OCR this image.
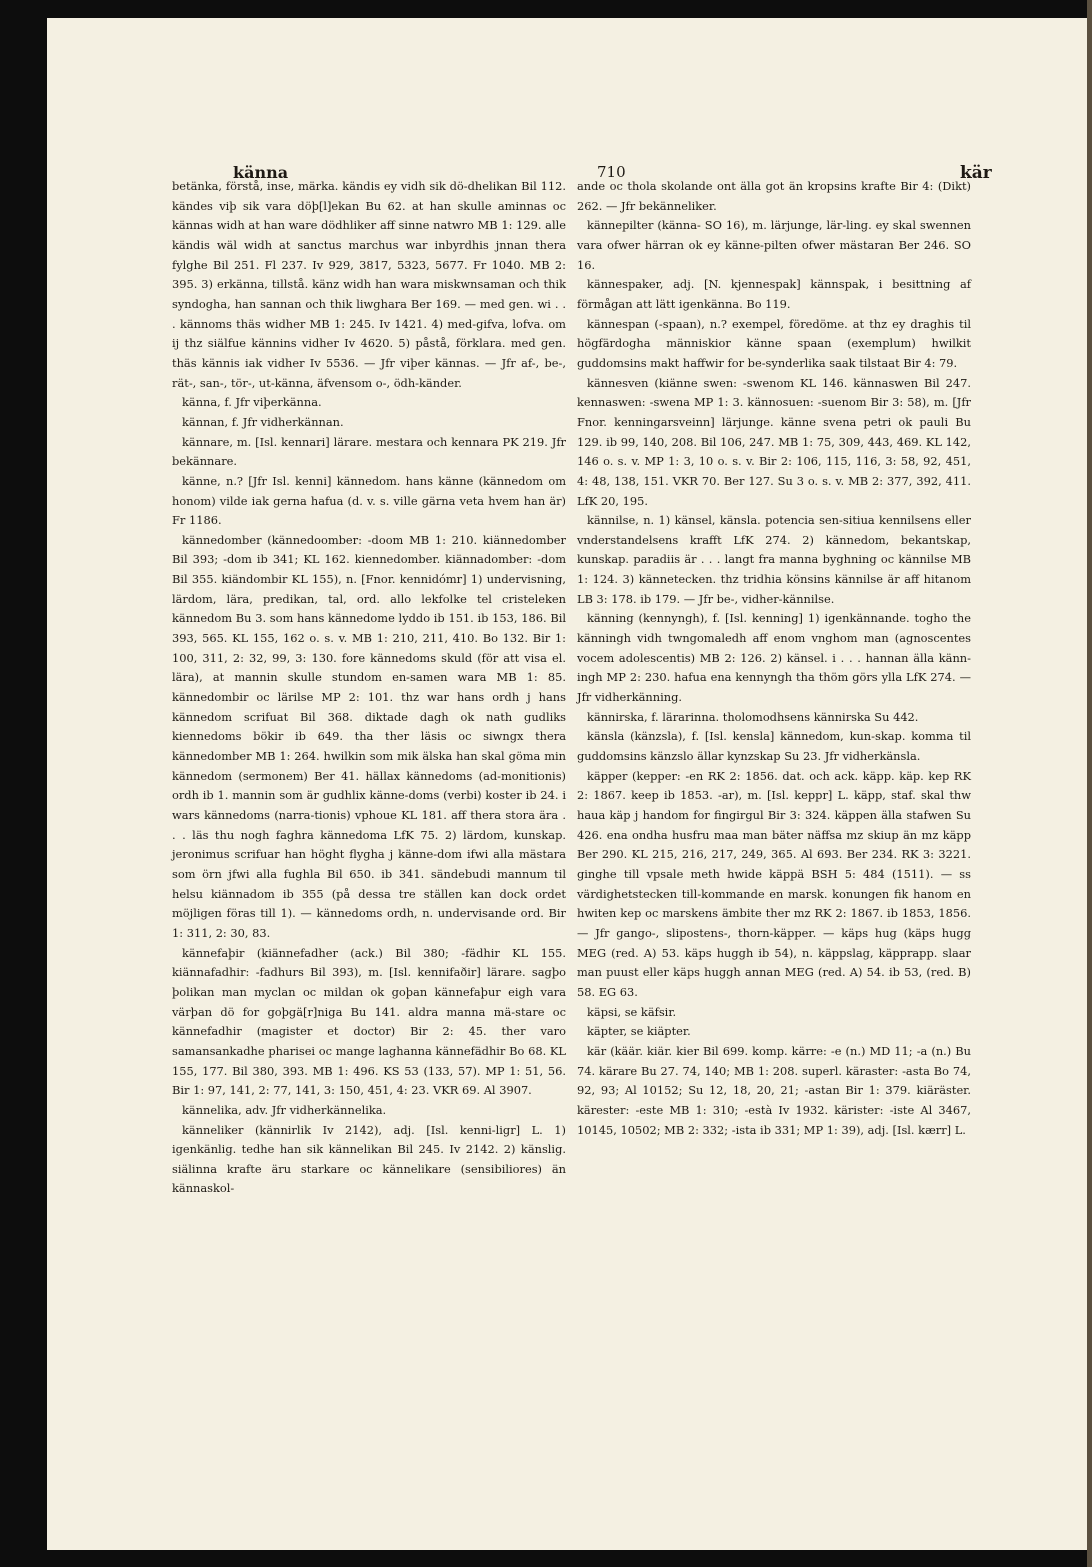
känna	710	kär

betänka, förstå, inse, märka. kändis ey vidh sik dö-dhelikan Bil 112. kändes viþ sik vara döþ[l]ekan Bu 62. at han skulle aminnas oc kännas widh at han ware dödhliker aff sinne natwro MB 1: 129. alle kändis wäl widh at sanctus marchus war inbyrdhis jnnan thera fylghe Bil 251. Fl 237. Iv 929, 3817, 5323, 5677. Fr 1040. MB 2: 395. 3) erkänna, tillstå. känz widh han wara miskwnsaman och thik syndogha, han sannan och thik liwghara Ber 169. — med gen. wi . . . kännoms thäs widher MB 1: 245. Iv 1421. 4) med-gifva, lofva. om ij thz siälfue kännins vidher Iv 4620. 5) påstå, förklara. med gen. thäs kännis iak vidher Iv 5536. — Jfr viþer kännas. — Jfr af-, be-, rät-, san-, tör-, ut-känna, äfvensom o-, ödh-känder.

känna, f. Jfr viþerkänna.

kännan, f. Jfr vidherkännan.

kännare, m. [Isl. kennari] lärare. mestara och kennara PK 219. Jfr bekännare.

känne, n.? [Jfr Isl. kenni] kännedom. hans känne (kännedom om honom) vilde iak gerna hafua (d. v. s. ville gärna veta hvem han är) Fr 1186.

kännedomber (kännedoomber: -doom MB 1: 210. kiännedomber Bil 393; -dom ib 341; KL 162. kiennedomber. kiännadomber: -dom Bil 355. kiändombir KL 155), n. [Fnor. kennidómr] 1) undervisning, lärdom, lära, predikan, tal, ord. allo lekfolke tel cristeleken kännedom Bu 3. som hans kännedome lyddo ib 151. ib 153, 186. Bil 393, 565. KL 155, 162 o. s. v. MB 1: 210, 211, 410. Bo 132. Bir 1: 100, 311, 2: 32, 99, 3: 130. fore kännedoms skuld (för att visa el. lära), at mannin skulle stundom en-samen wara MB 1: 85. kännedombir oc lärilse MP 2: 101. thz war hans ordh j hans kännedom scrifuat Bil 368. diktade dagh ok nath gudliks kiennedoms bökir ib 649. tha ther läsis oc siwngx thera kännedomber MB 1: 264. hwilkin som mik älska han skal göma min kännedom (sermonem) Ber 41. hällax kännedoms (ad-monitionis) ordh ib 1. mannin som är gudhlix känne-doms (verbi) koster ib 24. i wars kännedoms (narra-tionis) vphoue KL 181. aff thera stora ära . . . läs thu nogh faghra kännedoma LfK 75. 2) lärdom, kunskap. jeronimus scrifuar han höght flygha j känne-dom ifwi alla mästara som örn jfwi alla fughla Bil 650. ib 341. sändebudi mannum til helsu kiännadom ib 355 (på dessa tre ställen kan dock ordet möjligen föras till 1). — kännedoms ordh, n. undervisande ord. Bir 1: 311, 2: 30, 83.

kännefaþir (kiännefadher (ack.) Bil 380; -fädhir KL 155. kiännafadhir: -fadhurs Bil 393), m. [Isl. kennifaðir] lärare. sagþo þolikan man myclan oc mildan ok goþan kännefaþur eigh vara värþan dö for goþgä[r]niga Bu 141. aldra manna mä-stare oc kännefadhir (magister et doctor) Bir 2: 45. ther varo samansankadhe pharisei oc mange laghanna kännefädhir Bo 68. KL 155, 177. Bil 380, 393. MB 1: 496. KS 53 (133, 57). MP 1: 51, 56. Bir 1: 97, 141, 2: 77, 141, 3: 150, 451, 4: 23. VKR 69. Al 3907.

kännelika, adv. Jfr vidherkännelika.

känneliker (kännirlik Iv 2142), adj. [Isl. kenni-ligr] L. 1) igenkänlig. tedhe han sik kännelikan Bil 245. Iv 2142. 2) känslig. siälinna krafte äru starkare oc kännelikare (sensibiliores) än kännaskol-

ande oc thola skolande ont älla got än kropsins krafte Bir 4: (Dikt) 262. — Jfr bekänneliker.

kännepilter (känna- SO 16), m. lärjunge, lär-ling. ey skal swennen vara ofwer härran ok ey känne-pilten ofwer mästaran Ber 246. SO 16.

kännespaker, adj. [N. kjennespak] kännspak, i besittning af förmågan att lätt igenkänna. Bo 119.

kännespan (-spaan), n.? exempel, föredöme. at thz ey draghis til högfärdogha människior känne spaan (exemplum) hwilkit guddomsins makt haffwir for be-synderlika saak tilstaat Bir 4: 79.

kännesven (kiänne swen: -swenom KL 146. kännaswen Bil 247. kennaswen: -swena MP 1: 3. kännosuen: -suenom Bir 3: 58), m. [Jfr Fnor. kenningarsveinn] lärjunge. känne svena petri ok pauli Bu 129. ib 99, 140, 208. Bil 106, 247. MB 1: 75, 309, 443, 469. KL 142, 146 o. s. v. MP 1: 3, 10 o. s. v. Bir 2: 106, 115, 116, 3: 58, 92, 451, 4: 48, 138, 151. VKR 70. Ber 127. Su 3 o. s. v. MB 2: 377, 392, 411. LfK 20, 195.

kännilse, n. 1) känsel, känsla. potencia sen-sitiua kennilsens eller vnderstandelsens krafft LfK 274. 2) kännedom, bekantskap, kunskap. paradiis är . . . langt fra manna byghning oc kännilse MB 1: 124. 3) kännetecken. thz tridhia könsins kännilse är aff hitanom LB 3: 178. ib 179. — Jfr be-, vidher-kännilse.

känning (kennyngh), f. [Isl. kenning] 1) igenkännande. togho the känningh vidh twngomaledh aff enom vnghom man (agnoscentes vocem adolescentis) MB 2: 126. 2) känsel. i . . . hannan älla känn-ingh MP 2: 230. hafua ena kennyngh tha thöm görs ylla LfK 274. — Jfr vidherkänning.

kännirska, f. lärarinna. tholomodhsens kännirska Su 442.

känsla (känzsla), f. [Isl. kensla] kännedom, kun-skap. komma til guddomsins känzslo ällar kynzskap Su 23. Jfr vidherkänsla.

käpper (kepper: -en RK 2: 1856. dat. och ack. käpp. käp. kep RK 2: 1867. keep ib 1853. -ar), m. [Isl. keppr] L. käpp, staf. skal thw haua käp j handom for fingirgul Bir 3: 324. käppen älla stafwen Su 426. ena ondha husfru maa man bäter näffsa mz skiup än mz käpp Ber 290. KL 215, 216, 217, 249, 365. Al 693. Ber 234. RK 3: 3221. ginghe till vpsale meth hwide käppä BSH 5: 484 (1511). — ss värdighetstecken till-kommande en marsk. konungen fik hanom en hwiten kep oc marskens ämbite ther mz RK 2: 1867. ib 1853, 1856. — Jfr gango-, slipostens-, thorn-käpper. — käps hug (käps hugg MEG (red. A) 53. käps huggh ib 54), n. käppslag, käpprapp. slaar man puust eller käps huggh annan MEG (red. A) 54. ib 53, (red. B) 58. EG 63.

käpsi, se käfsir.

käpter, se kiäpter.

kär (käär. kiär. kier Bil 699. komp. kärre: -e (n.) MD 11; -a (n.) Bu 74. kärare Bu 27. 74, 140; MB 1: 208. superl. käraster: -asta Bo 74, 92, 93; Al 10152; Su 12, 18, 20, 21; -astan Bir 1: 379. kiäräster. kärester: -este MB 1: 310; -està Iv 1932. kärister: -iste Al 3467, 10145, 10502; MB 2: 332; -ista ib 331; MP 1: 39), adj. [Isl. kærr] L.
